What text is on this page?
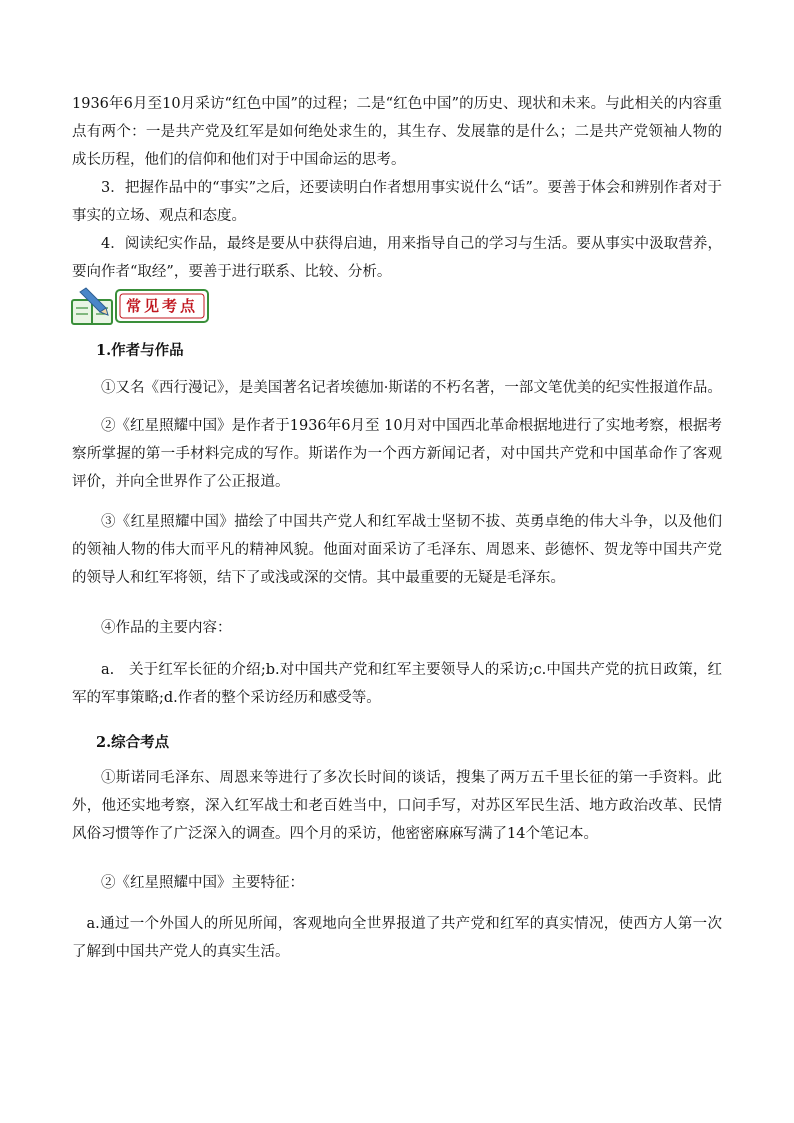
1936年6月至10月采访“红色中国”的过程；二是“红色中国”的历史、现状和未来。与此相关的内容重点有两个：一是共产党及红军是如何绝处求生的，其生存、发展靠的是什么；二是共产党领袖人物的成长历程，他们的信仰和他们对于中国命运的思考。

3．把握作品中的“事实”之后，还要读明白作者想用事实说什么“话”。要善于体会和辨别作者对于事实的立场、观点和态度。

4．阅读纪实作品，最终是要从中获得启迪，用来指导自己的学习与生活。要从事实中汲取营养，要向作者“取经”，要善于进行联系、比较、分析。

常见考点

1.作者与作品

①又名《西行漫记》，是美国著名记者埃德加·斯诺的不朽名著，一部文笔优美的纪实性报道作品。

②《红星照耀中国》是作者于1936年6月至 10月对中国西北革命根据地进行了实地考察，根据考察所掌握的第一手材料完成的写作。斯诺作为一个西方新闻记者，对中国共产党和中国革命作了客观评价，并向全世界作了公正报道。

③《红星照耀中国》描绘了中国共产党人和红军战士坚韧不拔、英勇卓绝的伟大斗争，以及他们的领袖人物的伟大而平凡的精神风貌。他面对面采访了毛泽东、周恩来、彭德怀、贺龙等中国共产党的领导人和红军将领，结下了或浅或深的交情。其中最重要的无疑是毛泽东。

④作品的主要内容：

a.　关于红军长征的介绍;b.对中国共产党和红军主要领导人的采访;c.中国共产党的抗日政策，红军的军事策略;d.作者的整个采访经历和感受等。

2.综合考点

①斯诺同毛泽东、周恩来等进行了多次长时间的谈话，搜集了两万五千里长征的第一手资料。此外，他还实地考察，深入红军战士和老百姓当中，口问手写，对苏区军民生活、地方政治改革、民情风俗习惯等作了广泛深入的调查。四个月的采访，他密密麻麻写满了14个笔记本。

②《红星照耀中国》主要特征：

a.通过一个外国人的所见所闻，客观地向全世界报道了共产党和红军的真实情况，使西方人第一次了解到中国共产党人的真实生活。
